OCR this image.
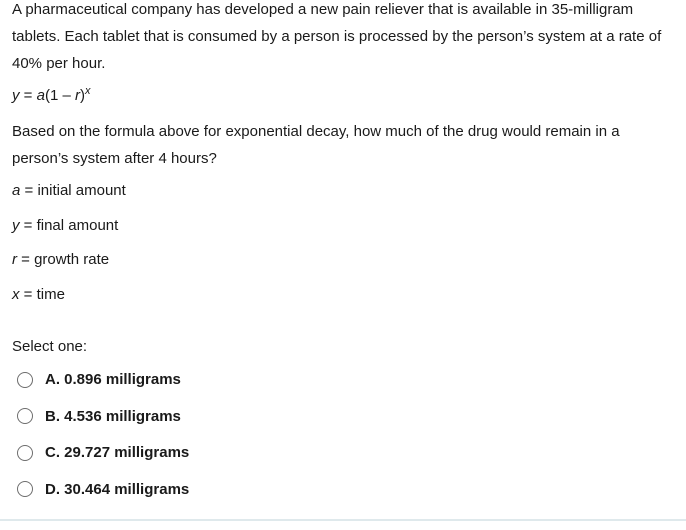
A pharmaceutical company has developed a new pain reliever that is available in 35-milligram tablets. Each tablet that is consumed by a person is processed by the person’s system at a rate of 40% per hour.

y = a(1 – r)$^x$

Based on the formula above for exponential decay, how much of the drug would remain in a person’s system after 4 hours?

a = initial amount
y = final amount
r = growth rate
x = time
Select one:
A. 0.896 milligrams
B. 4.536 milligrams
C. 29.727 milligrams
D. 30.464 milligrams
